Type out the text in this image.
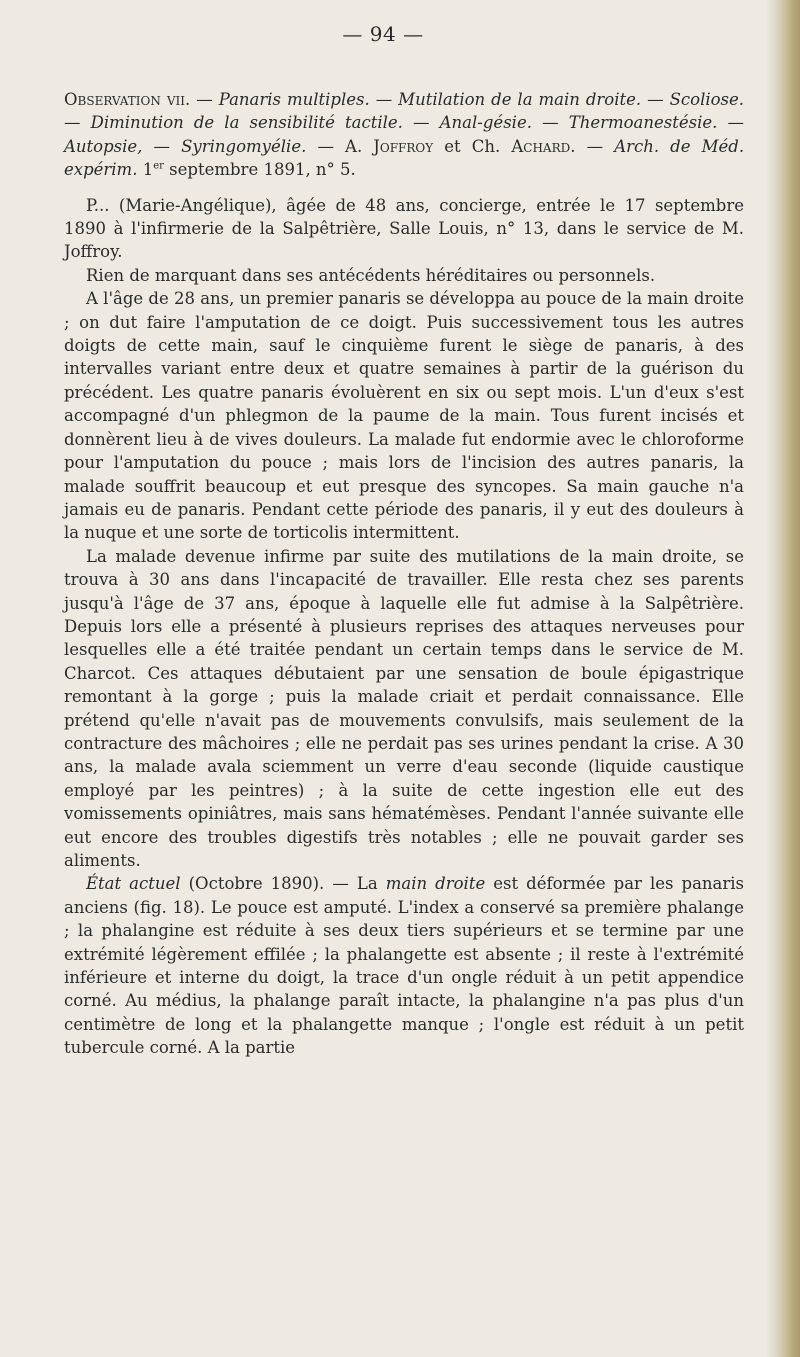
— 94 —

Observation vii. — Panaris multiples. — Mutilation de la main droite. — Scoliose. — Diminution de la sensibilité tactile. — Anal-gésie. — Thermoanestésie. — Autopsie, — Syringomyélie. — A. Joffroy et Ch. Achard. — Arch. de Méd. expérim. 1er septembre 1891, n° 5.

P... (Marie-Angélique), âgée de 48 ans, concierge, entrée le 17 septembre 1890 à l'infirmerie de la Salpêtrière, Salle Louis, n° 13, dans le service de M. Joffroy.

Rien de marquant dans ses antécédents héréditaires ou personnels.

A l'âge de 28 ans, un premier panaris se développa au pouce de la main droite ; on dut faire l'amputation de ce doigt. Puis successivement tous les autres doigts de cette main, sauf le cinquième furent le siège de panaris, à des intervalles variant entre deux et quatre semaines à partir de la guérison du précédent. Les quatre panaris évoluèrent en six ou sept mois. L'un d'eux s'est accompagné d'un phlegmon de la paume de la main. Tous furent incisés et donnèrent lieu à de vives douleurs. La malade fut endormie avec le chloroforme pour l'amputation du pouce ; mais lors de l'incision des autres panaris, la malade souffrit beaucoup et eut presque des syncopes. Sa main gauche n'a jamais eu de panaris. Pendant cette période des panaris, il y eut des douleurs à la nuque et une sorte de torticolis intermittent.

La malade devenue infirme par suite des mutilations de la main droite, se trouva à 30 ans dans l'incapacité de travailler. Elle resta chez ses parents jusqu'à l'âge de 37 ans, époque à laquelle elle fut admise à la Salpêtrière. Depuis lors elle a présenté à plusieurs reprises des attaques nerveuses pour lesquelles elle a été traitée pendant un certain temps dans le service de M. Charcot. Ces attaques débutaient par une sensation de boule épigastrique remontant à la gorge ; puis la malade criait et perdait connaissance. Elle prétend qu'elle n'avait pas de mouvements convulsifs, mais seulement de la contracture des mâchoires ; elle ne perdait pas ses urines pendant la crise. A 30 ans, la malade avala sciemment un verre d'eau seconde (liquide caustique employé par les peintres) ; à la suite de cette ingestion elle eut des vomissements opiniâtres, mais sans hématémèses. Pendant l'année suivante elle eut encore des troubles digestifs très notables ; elle ne pouvait garder ses aliments.

État actuel (Octobre 1890). — La main droite est déformée par les panaris anciens (fig. 18). Le pouce est amputé. L'index a conservé sa première phalange ; la phalangine est réduite à ses deux tiers supérieurs et se termine par une extrémité légèrement effilée ; la phalangette est absente ; il reste à l'extrémité inférieure et interne du doigt, la trace d'un ongle réduit à un petit appendice corné. Au médius, la phalange paraît intacte, la phalangine n'a pas plus d'un centimètre de long et la phalangette manque ; l'ongle est réduit à un petit tubercule corné. A la partie
